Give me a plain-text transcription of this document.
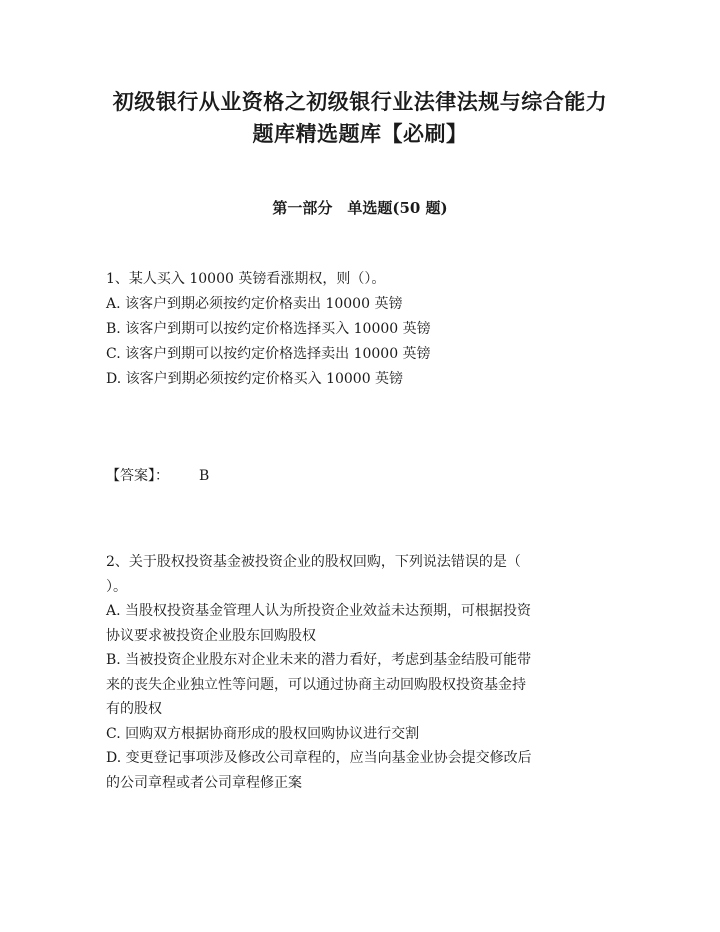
初级银行从业资格之初级银行业法律法规与综合能力
题库精选题库【必刷】
第一部分　单选题(50 题)
1、某人买入 10000 英镑看涨期权，则（）。
A. 该客户到期必须按约定价格卖出 10000 英镑
B. 该客户到期可以按约定价格选择买入 10000 英镑
C. 该客户到期可以按约定价格选择卖出 10000 英镑
D. 该客户到期必须按约定价格买入 10000 英镑
【答案】： B
2、关于股权投资基金被投资企业的股权回购，下列说法错误的是（
）。
A. 当股权投资基金管理人认为所投资企业效益未达预期，可根据投资
协议要求被投资企业股东回购股权
B. 当被投资企业股东对企业未来的潜力看好，考虑到基金结股可能带
来的丧失企业独立性等问题，可以通过协商主动回购股权投资基金持
有的股权
C. 回购双方根据协商形成的股权回购协议进行交割
D. 变更登记事项涉及修改公司章程的，应当向基金业协会提交修改后
的公司章程或者公司章程修正案
